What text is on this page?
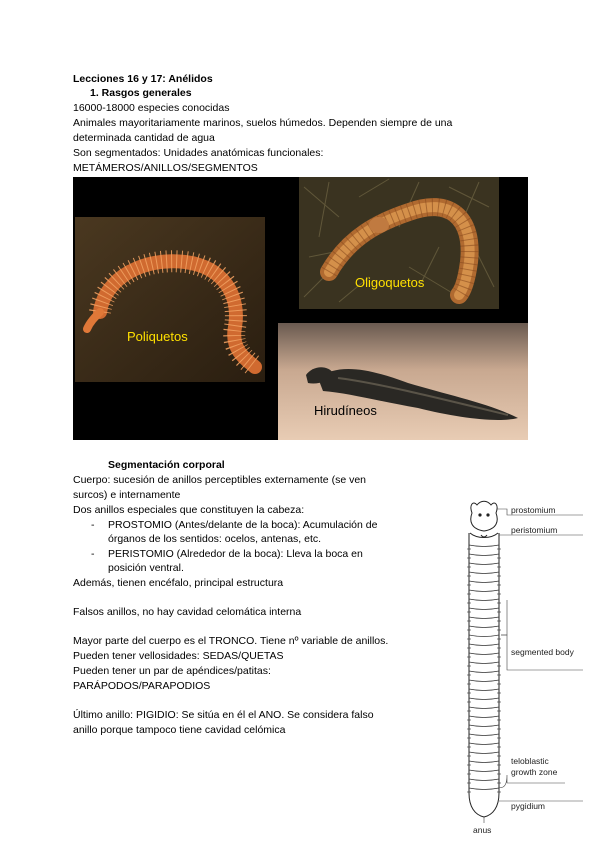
Lecciones 16 y 17: Anélidos
1. Rasgos generales
16000-18000 especies conocidas
Animales mayoritariamente marinos, suelos húmedos. Dependen siempre de una
determinada cantidad de agua
Son segmentados: Unidades anatómicas funcionales:
METÁMEROS/ANILLOS/SEGMENTOS
Poliquetos
Oligoquetos
Hirudíneos
Segmentación corporal
Cuerpo: sucesión de anillos perceptibles externamente (se ven
surcos) e internamente
Dos anillos especiales que constituyen la cabeza:
- PROSTOMIO (Antes/delante de la boca): Acumulación de
órganos de los sentidos: ocelos, antenas, etc.
- PERISTOMIO (Alrededor de la boca): Lleva la boca en
posición ventral.
Además, tienen encéfalo, principal estructura
Falsos anillos, no hay cavidad celomática interna
Mayor parte del cuerpo es el TRONCO. Tiene nº variable de anillos.
Pueden tener vellosidades: SEDAS/QUETAS
Pueden tener un par de apéndices/patitas:
PARÁPODOS/PARAPODIOS
Último anillo: PIGIDIO: Se sitúa en él el ANO. Se considera falso
anillo porque tampoco tiene cavidad celómica
prostomium
peristomium
segmented body
teloblastic
growth zone
pygidium
anus
